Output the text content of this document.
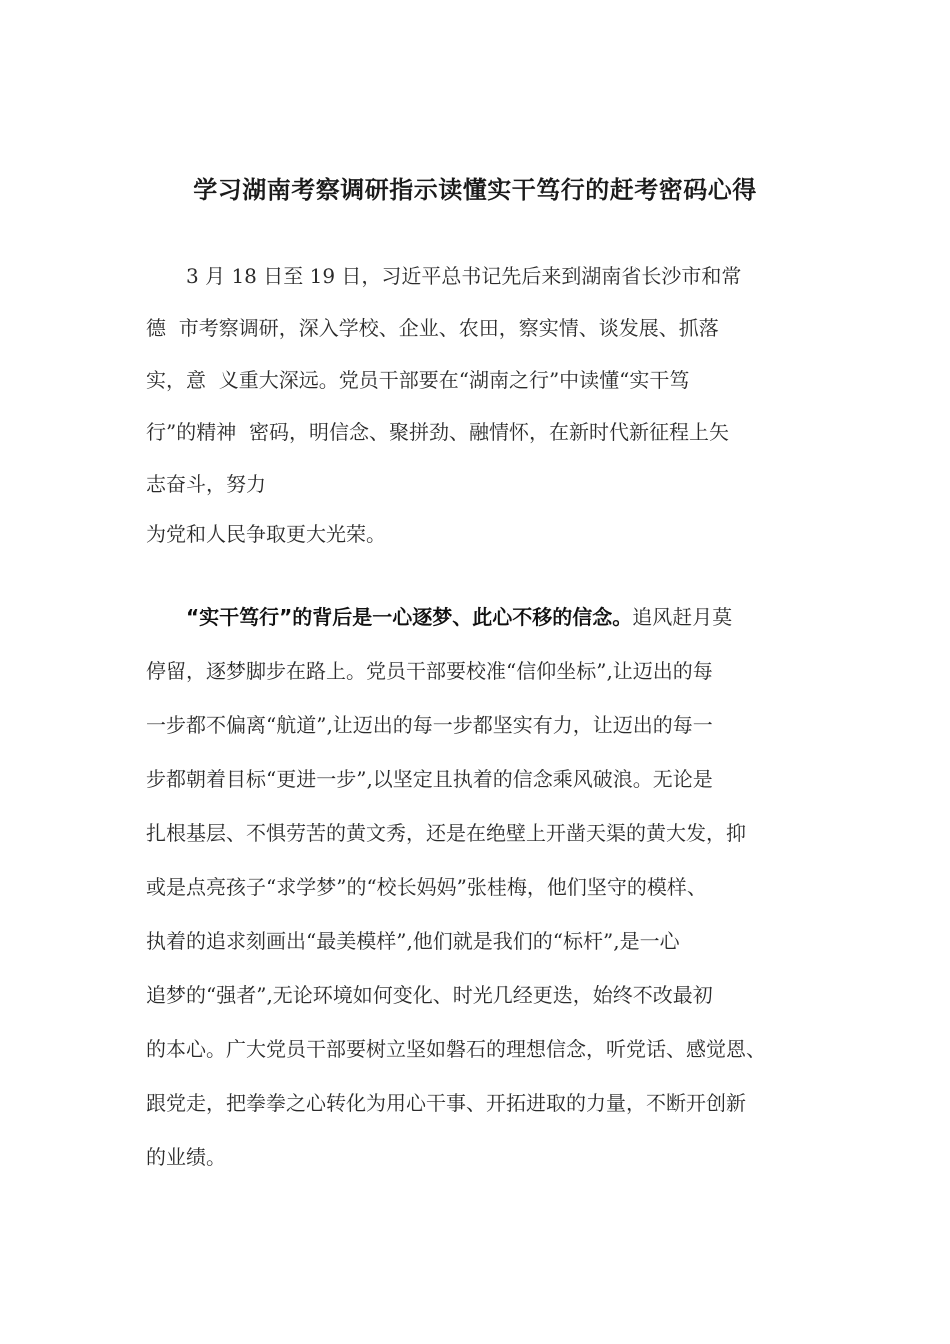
学习湖南考察调研指示读懂实干笃行的赶考密码心得
3 月 18 日至 19 日，习近平总书记先后来到湖南省长沙市和常
德  市考察调研，深入学校、企业、农田，察实情、谈发展、抓落
实，意  义重大深远。党员干部要在“湖南之行”中读懂“实干笃
行”的精神  密码，明信念、聚拼劲、融情怀，在新时代新征程上矢
志奋斗，努力
为党和人民争取更大光荣。
“实干笃行”的背后是一心逐梦、此心不移的信念。追风赶月莫
停留，逐梦脚步在路上。党员干部要校准“信仰坐标”,让迈出的每
一步都不偏离“航道”,让迈出的每一步都坚实有力，让迈出的每一
步都朝着目标“更进一步”,以坚定且执着的信念乘风破浪。无论是
扎根基层、不惧劳苦的黄文秀，还是在绝壁上开凿天渠的黄大发，抑
或是点亮孩子“求学梦”的“校长妈妈”张桂梅，他们坚守的模样、
执着的追求刻画出“最美模样”,他们就是我们的“标杆”,是一心
追梦的“强者”,无论环境如何变化、时光几经更迭，始终不改最初
的本心。广大党员干部要树立坚如磐石的理想信念，听党话、感觉恩、
跟党走，把拳拳之心转化为用心干事、开拓进取的力量，不断开创新
的业绩。
